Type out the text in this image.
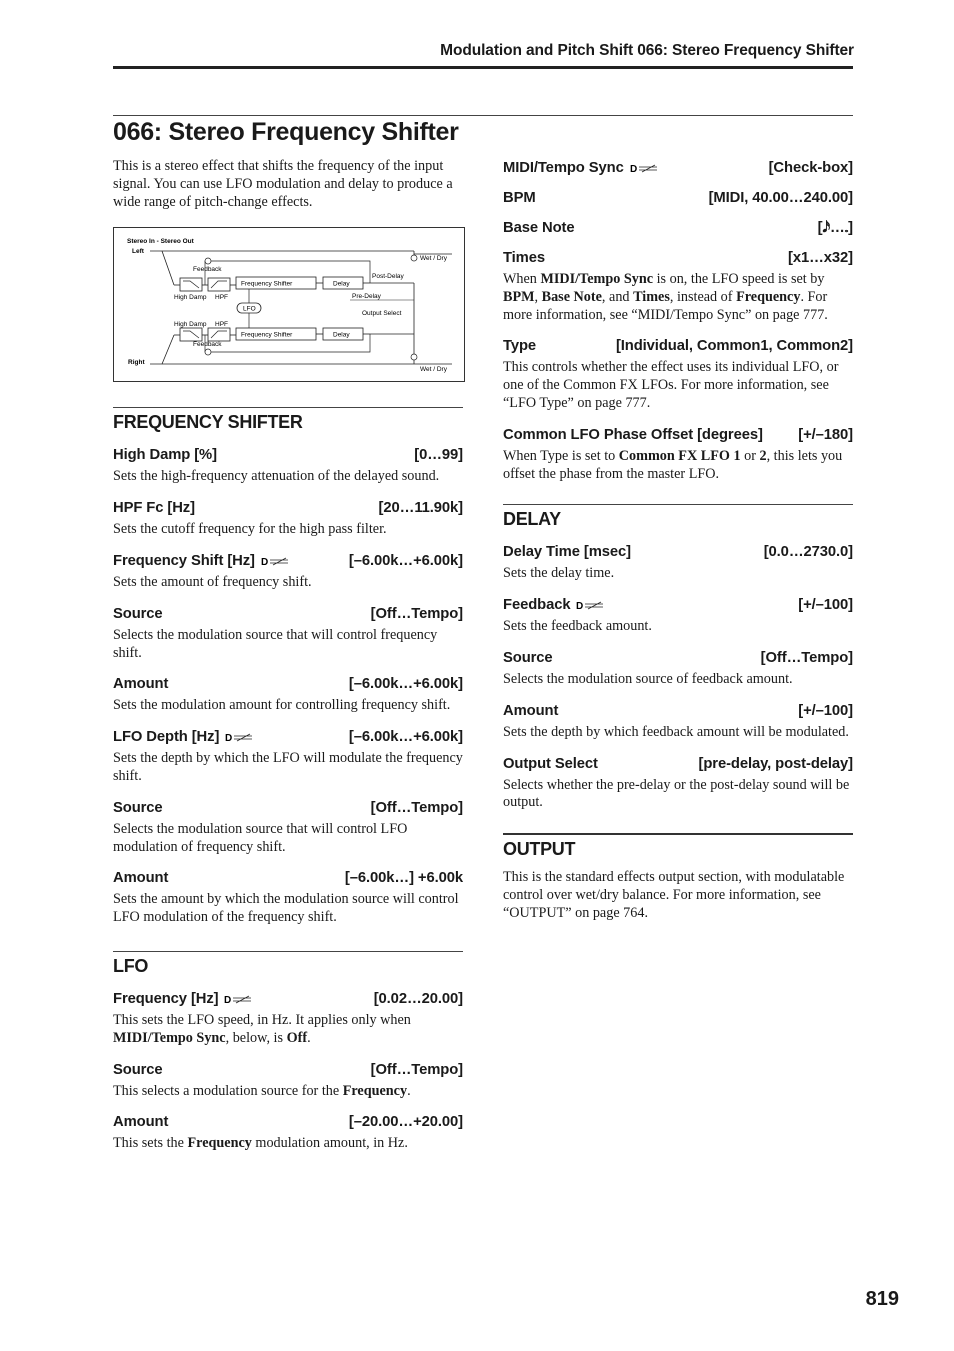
Modulation and Pitch Shift 066: Stereo Frequency Shifter
066: Stereo Frequency Shifter

This is a stereo effect that shifts the frequency of the input signal. You can use LFO modulation and delay to produce a wide range of pitch-change effects.

Stereo In - Stereo Out
Left
Right
Frequency Shifter	Delay
High Damp HPF
Feedback
Post-Delay
Pre-Delay
Output Select
LFO
High Damp HPF
Frequency Shifter	Delay
Feedback
Wet / Dry
Wet / Dry
FREQUENCY SHIFTER
High Damp [%]	[0…99]

Sets the high-frequency attenuation of the delayed sound.

HPF Fc [Hz]	[20…11.90k]

Sets the cutoff frequency for the high pass filter.

Frequency Shift [Hz] D	[–6.00k…+6.00k]

Sets the amount of frequency shift.

Source	[Off…Tempo]

Selects the modulation source that will control frequency shift.

Amount	[–6.00k…+6.00k]

Sets the modulation amount for controlling frequency shift.

LFO Depth [Hz] D	[–6.00k…+6.00k]

Sets the depth by which the LFO will modulate the frequency shift.

Source	[Off…Tempo]

Selects the modulation source that will control LFO modulation of frequency shift.

Amount	[–6.00k…] +6.00k

Sets the amount by which the modulation source will control LFO modulation of the frequency shift.

LFO
Frequency [Hz] D	[0.02…20.00]

This sets the LFO speed, in Hz. It applies only when MIDI/Tempo Sync, below, is Off.

Source	[Off…Tempo]

This selects a modulation source for the Frequency.

Amount	[–20.00…+20.00]

This sets the Frequency modulation amount, in Hz.

MIDI/Tempo Sync D	[Check-box]
BPM	[MIDI, 40.00…240.00]
Base Note	[𝅘𝅥𝅯…𝅝]
Times	[x1…x32]

When MIDI/Tempo Sync is on, the LFO speed is set by BPM, Base Note, and Times, instead of Frequency. For more information, see “MIDI/Tempo Sync” on page 777.

Type	[Individual, Common1, Common2]

This controls whether the effect uses its individual LFO, or one of the Common FX LFOs. For more information, see “LFO Type” on page 777.

Common LFO Phase Offset [degrees] [+/–180]

When Type is set to Common FX LFO 1 or 2, this lets you offset the phase from the master LFO.

DELAY
Delay Time [msec]	[0.0…2730.0]

Sets the delay time.

Feedback D	[+/–100]

Sets the feedback amount.

Source	[Off…Tempo]

Selects the modulation source of feedback amount.

Amount	[+/–100]

Sets the depth by which feedback amount will be modulated.

Output Select	[pre-delay, post-delay]

Selects whether the pre-delay or the post-delay sound will be output.

OUTPUT

This is the standard effects output section, with modulatable control over wet/dry balance. For more information, see “OUTPUT” on page 764.

819
